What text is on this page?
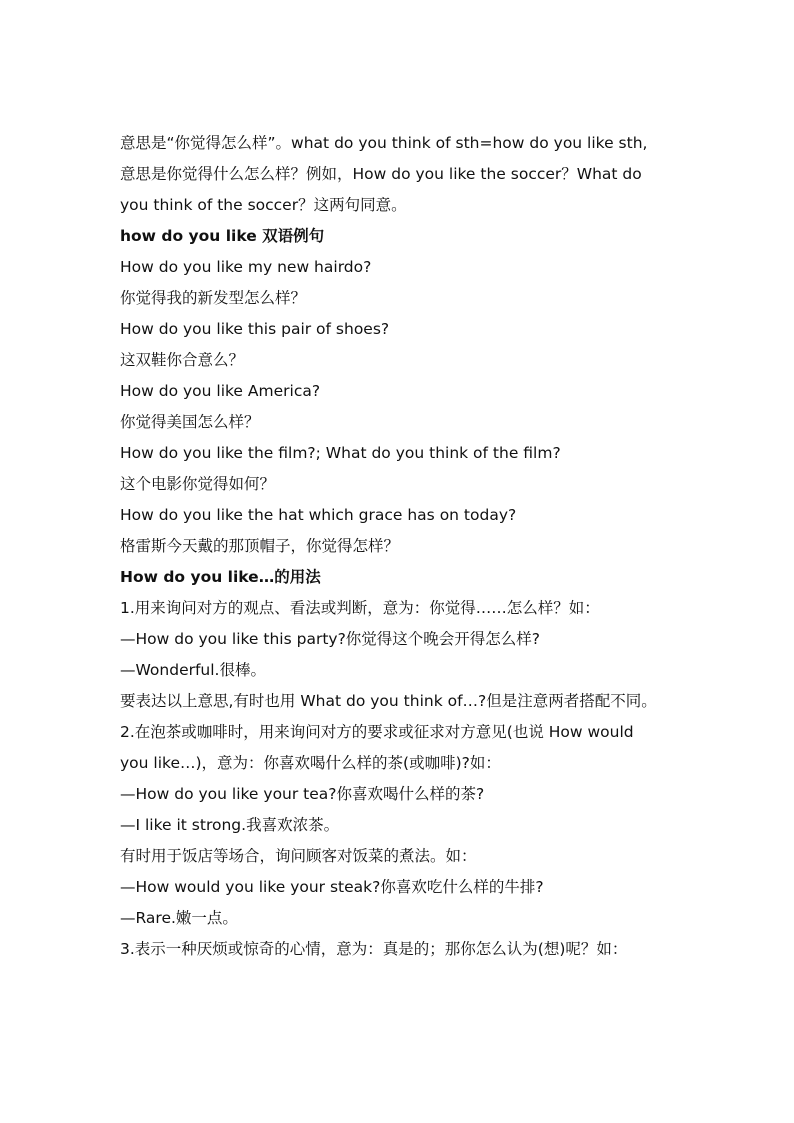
意思是“你觉得怎么样”。what do you think of sth=how do you like sth,
意思是你觉得什么怎么样？例如，How do you like the soccer？What do
you think of the soccer？这两句同意。
how do you like 双语例句
How do you like my new hairdo?
你觉得我的新发型怎么样？
How do you like this pair of shoes?
这双鞋你合意么？
How do you like America?
你觉得美国怎么样？
How do you like the film?; What do you think of the film?
这个电影你觉得如何？
How do you like the hat which grace has on today?
格雷斯今天戴的那顶帽子，你觉得怎样？
How do you like…的用法
1.用来询问对方的观点、看法或判断，意为：你觉得……怎么样？如：
—How do you like this party?你觉得这个晚会开得怎么样?
—Wonderful.很棒。
要表达以上意思,有时也用 What do you think of…?但是注意两者搭配不同。
2.在泡茶或咖啡时，用来询问对方的要求或征求对方意见(也说 How would
you like…)，意为：你喜欢喝什么样的茶(或咖啡)?如：
—How do you like your tea?你喜欢喝什么样的茶?
—I like it strong.我喜欢浓茶。
有时用于饭店等场合，询问顾客对饭菜的煮法。如：
—How would you like your steak?你喜欢吃什么样的牛排?
—Rare.嫩一点。
3.表示一种厌烦或惊奇的心情，意为：真是的；那你怎么认为(想)呢？如：
